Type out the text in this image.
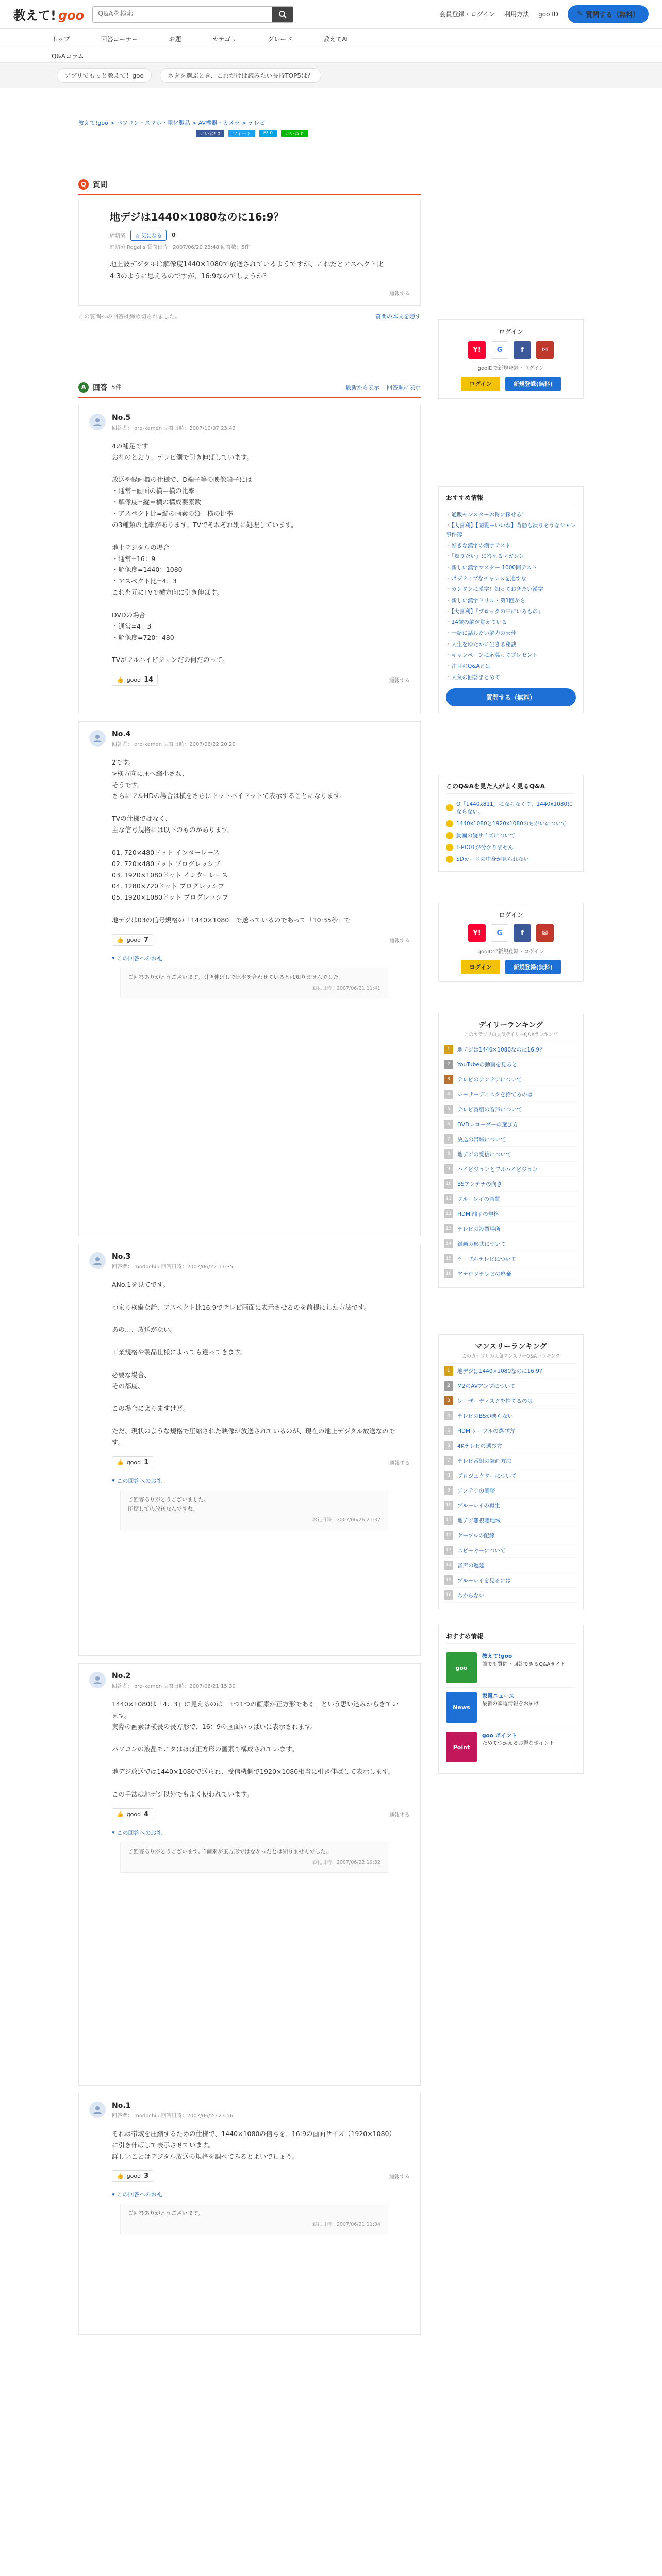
教えて! goo
Q&Aを検索	会員登録・ログイン 利用方法 goo ID	✎ 質問する（無料）
トップ	回答コーナー	お題	カテゴリ	グレード	教えてAI
Q&Aコラム
アプリでもっと教えて！goo	ネタを選ぶとき、これだけは読みたい長持TOP5は？
教えて!goo > パソコン・スマホ・電化製品 > AV機器・カメラ > テレビ
いいね! 0	ツイート	B! 0	いいね 0
Q 質問
地デジは1440×1080なのに16:9？
締切済	☆ 気になる	0
締切済 Regalis 質問日時：2007/06/20 23:48 回答数：5件
地上波デジタルは解像度1440×1080で放送されているようですが、これだとアスペクト比4:3のように思えるのですが、16:9なのでしょうか？
通報する
この質問への回答は締め切られました。	質問の本文を隠す
A 回答 5件	最新から表示 回答順に表示
No.5
回答者： oro-kamen 回答日時：2007/10/07 23:43
4の補足です
お礼のとおり、テレビ側で引き伸ばしています。

放送や録画機の仕様で、D端子等の映像端子には
・通常=画面の横＝横の比率
・解像度=縦＝横の構成要素数
・アスペクト比=縦の画素の縦＝横の比率
の3種類の比率があります。TVでそれぞれ別に処理しています。

地上デジタルの場合
・通常=16：9
・解像度=1440：1080
・アスペクト比=4：3
これを元にTVで横方向に引き伸ばす。

DVDの場合
・通常=4：3
・解像度=720：480

TVがフルハイビジョンだの何だのって。
👍 good 14	通報する
No.4
回答者： oro-kamen 回答日時：2007/06/22 20:29
2です。
>横方向に圧へ縮小され、
そうです。
さらにフルHDの場合は横をさらにドットバイドットで表示することになります。

TVの仕様ではなく、
主な信号規格には以下のものがあります。

01. 720×480ドット インターレース
02. 720×480ドット プログレッシブ
03. 1920×1080ドット インターレース
04. 1280×720ドット プログレッシブ
05. 1920×1080ドット プログレッシブ

地デジは03の信号規格の「1440×1080」で送っているのであって「10:35秒」で
👍 good 7	通報する
▾ この回答へのお礼
ご回答ありがとうございます。引き伸ばしで比率を合わせているとは知りませんでした。
お礼日時：2007/06/21 11:41
No.3
回答者： modochiu 回答日時：2007/06/22 17:35
ANo.1を見てです。

つまり横縦な話、アスペクト比16:9でテレビ画面に表示させるのを前提にした方法です。

あの…、放送がない。

工業規格や製品仕様によっても違ってきます。

必要な場合、
その都度、

この場合によりますけど。

ただ、現状のような規格で圧縮された映像が放送されているのが、現在の地上デジタル放送なのです。
👍 good 1	通報する
▾ この回答へのお礼
ご回答ありがとうございました。
圧縮しての放送なんですね。
お礼日時：2007/06/26 21:37
No.2
回答者： oro-kamen 回答日時：2007/06/21 15:30
1440×1080は「4：3」に見えるのは「1つ1つの画素が正方形である」という思い込みからきています。
実際の画素は横長の長方形で、16：9の画面いっぱいに表示されます。

パソコンの液晶モニタはほぼ正方形の画素で構成されています。

地デジ放送では1440×1080で送られ、受信機側で1920×1080相当に引き伸ばして表示します。

この手法は地デジ以外でもよく使われています。
👍 good 4	通報する
▾ この回答へのお礼
ご回答ありがとうございます。1画素が正方形ではなかったとは知りませんでした。
お礼日時：2007/06/22 19:32
No.1
回答者： modochiu 回答日時：2007/06/20 23:56
それは帯域を圧縮するための仕様で、1440×1080の信号を、16:9の画面サイズ（1920×1080）に引き伸ばして表示させています。
詳しいことはデジタル放送の規格を調べてみるとよいでしょう。
👍 good 3	通報する
▾ この回答へのお礼
ご回答ありがとうございます。
お礼日時：2007/06/21 11:34
ログイン
Y!	G	f	✉
gooIDで新規登録・ログイン
ログイン	新規登録(無料)
おすすめ情報
・ 通販モンスターお得に探せる！
・ 【大喜利】【閲覧ーいいね】背筋も凍りそうなシャレ事件簿
・ 好きな漢字の漢字テスト
・ 「知りたい」に答えるマガジン
・ 新しい漢字マスター 1000問テスト
・ ポジティブなチャンスを逃すな
・ カンタンに漢字！知っておきたい漢字
・ 新しい漢字ドリル・第1回から
・ 【大喜利】「ブロックの中にいるもの」
・ 14歳の脳が覚えている
・ 一緒に話したい脳力の天使
・ 人生をゆたかに生きる秘訣
・ キャンペーンに応募してプレゼント
・ 注目のQ&Aとは
・ 人気の回答まとめて
質問する（無料）
このQ&Aを見た人がよく見るQ&A
Q「1440x811」にならなくて、1440x1080にならない。
1440x1080と1920x1080のちがいについて
動画の縦サイズについて
T-PD01が分かりません
SDカードの中身が見られない
ログイン
Y!	G	f	✉
gooIDで新規登録・ログイン
ログイン	新規登録(無料)
デイリーランキング
このカテゴリの人気デイリーQ&Aランキング
1	地デジは1440×1080なのに16:9？
2	YouTubeの動画を見ると
3	テレビのアンテナについて
4	レーザーディスクを捨てるのは
5	テレビ番組の音声について
6	DVDレコーダーの選び方
7	放送の帯域について
8	地デジの受信について
9	ハイビジョンとフルハイビジョン
10	BSアンテナの向き
11	ブルーレイの画質
12	HDMI端子の規格
13	テレビの設置場所
14	録画の形式について
15	ケーブルテレビについて
16	アナログテレビの廃棄
マンスリーランキング
このカテゴリの人気マンスリーQ&Aランキング
1	地デジは1440×1080なのに16:9？
2	M2のAVアンプについて
3	レーザーディスクを捨てるのは
4	テレビのBSが映らない
5	HDMIケーブルの選び方
6	4Kテレビの選び方
7	テレビ番組の録画方法
8	プロジェクターについて
9	アンテナの調整
10	ブルーレイの再生
11	地デジ難視聴地域
12	ケーブルの配線
13	スピーカーについて
14	音声の遅延
15	ブルーレイを見るには
16	わからない
おすすめ情報
goo
教えて!goo
誰でも質問・回答できるQ&Aサイト
News
家電ニュース
最新の家電情報をお届け
Point
goo ポイント
ためてつかえるお得なポイント
